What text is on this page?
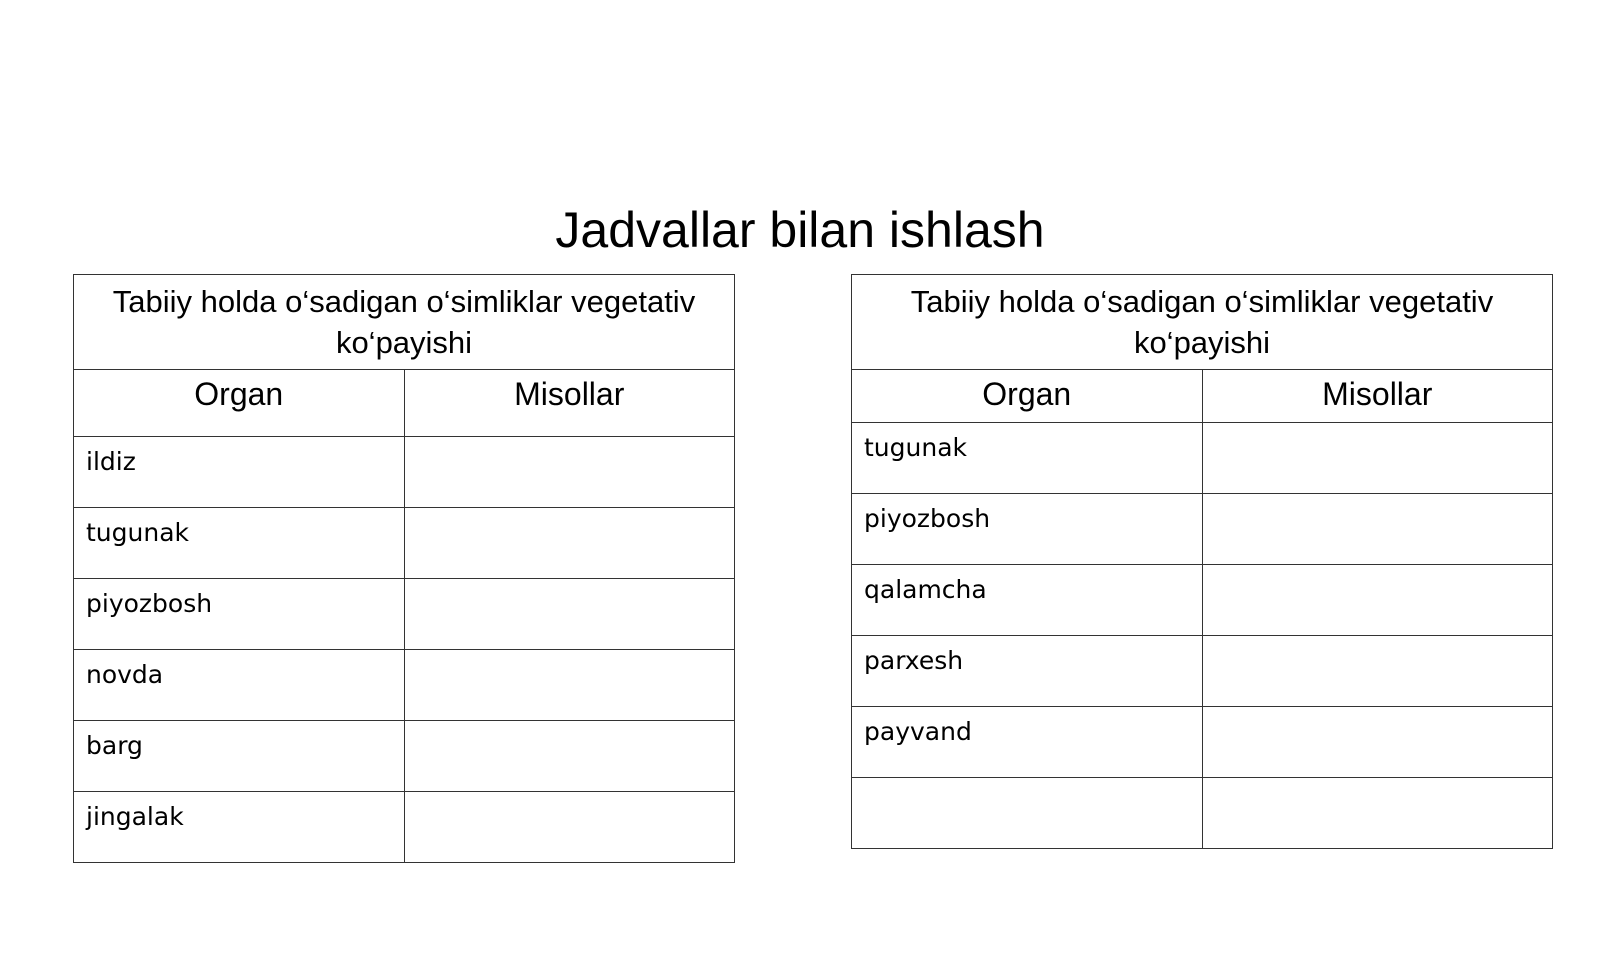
Jadvallar bilan ishlash
Tabiiy holda o‘sadigan o‘simliklar vegetativ ko‘payishi	
Organ	Misollar
ildiz	
tugunak	
piyozbosh	
novda	
barg	
jingalak	
Tabiiy holda o‘sadigan o‘simliklar vegetativ ko‘payishi	
Organ	Misollar
tugunak	
piyozbosh	
qalamcha	
parxesh	
payvand	
